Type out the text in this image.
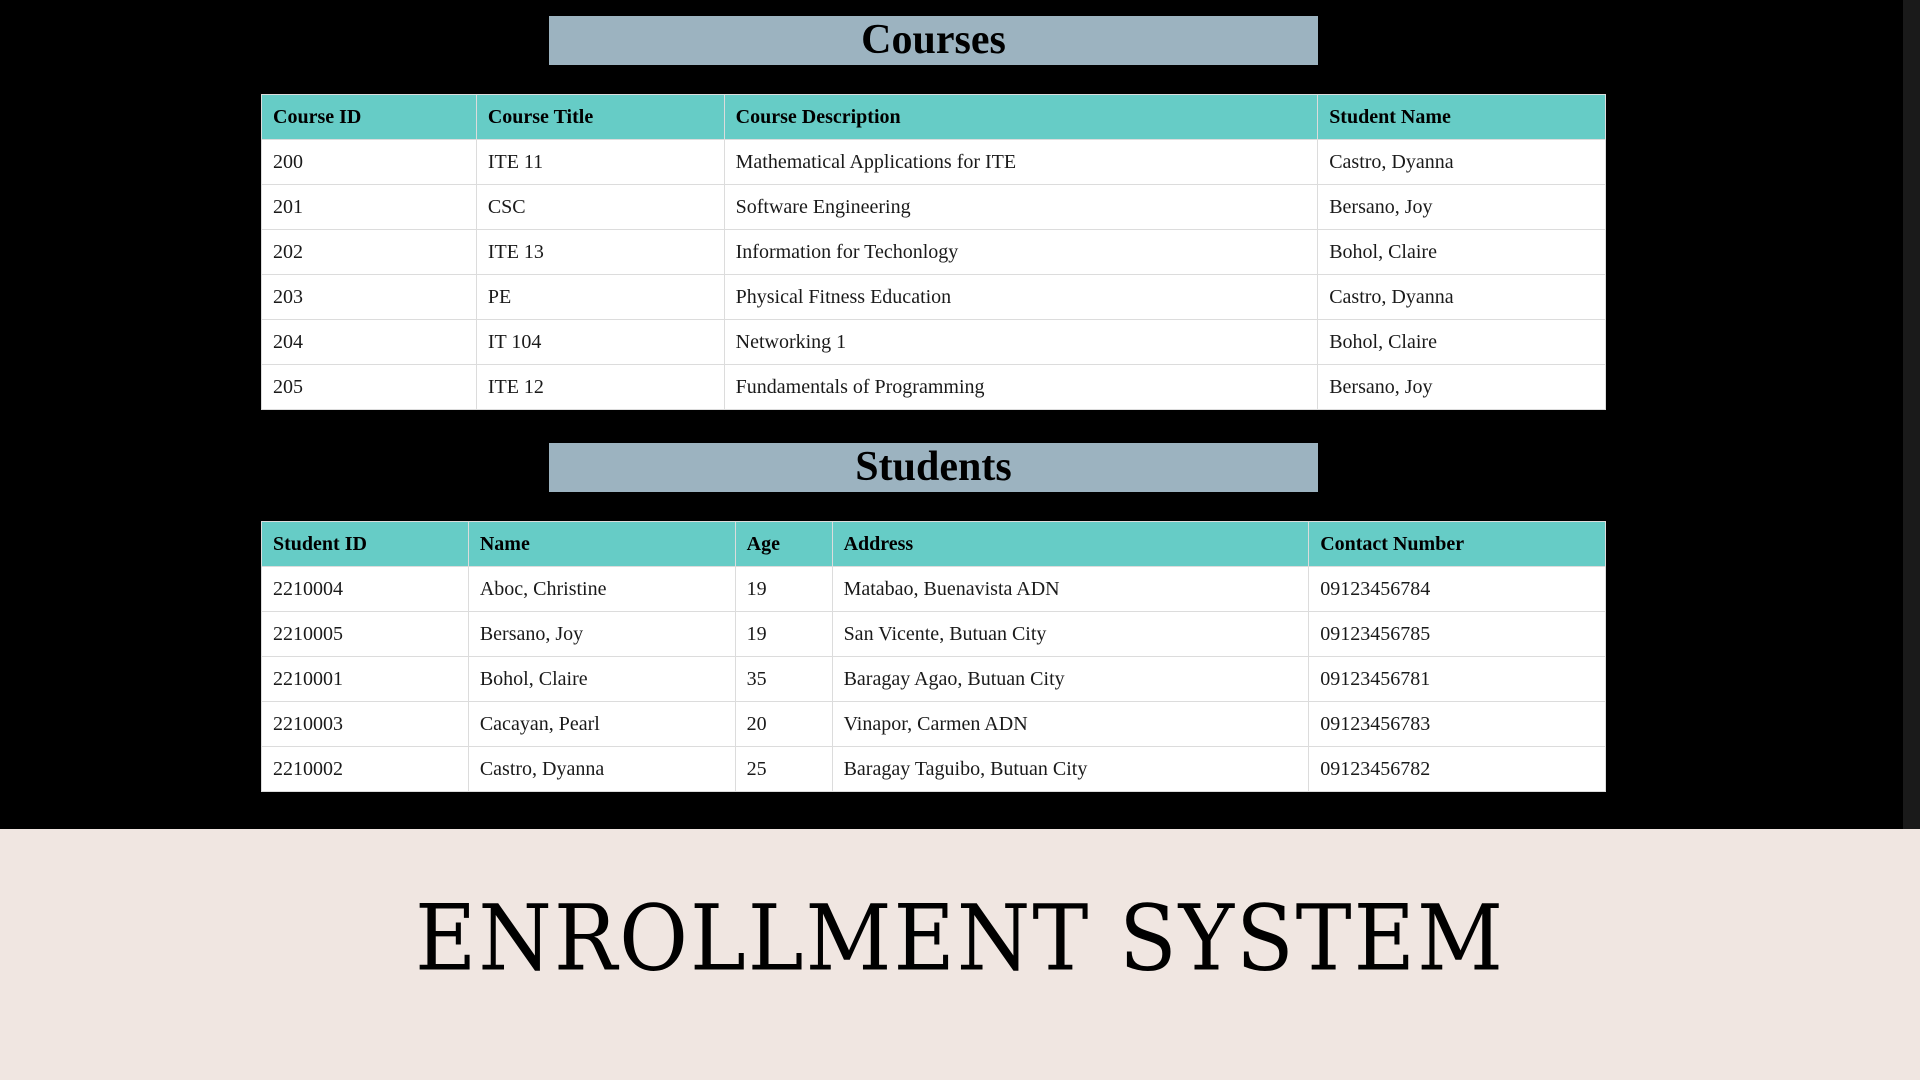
Courses
Course ID	Course Title	Course Description	Student Name
200	ITE 11	Mathematical Applications for ITE	Castro, Dyanna
201	CSC	Software Engineering	Bersano, Joy
202	ITE 13	Information for Techonlogy	Bohol, Claire
203	PE	Physical Fitness Education	Castro, Dyanna
204	IT 104	Networking 1	Bohol, Claire
205	ITE 12	Fundamentals of Programming	Bersano, Joy
Students
Student ID	Name	Age	Address	Contact Number
2210004	Aboc, Christine	19	Matabao, Buenavista ADN	09123456784
2210005	Bersano, Joy	19	San Vicente, Butuan City	09123456785
2210001	Bohol, Claire	35	Baragay Agao, Butuan City	09123456781
2210003	Cacayan, Pearl	20	Vinapor, Carmen ADN	09123456783
2210002	Castro, Dyanna	25	Baragay Taguibo, Butuan City	09123456782
ENROLLMENT SYSTEM
